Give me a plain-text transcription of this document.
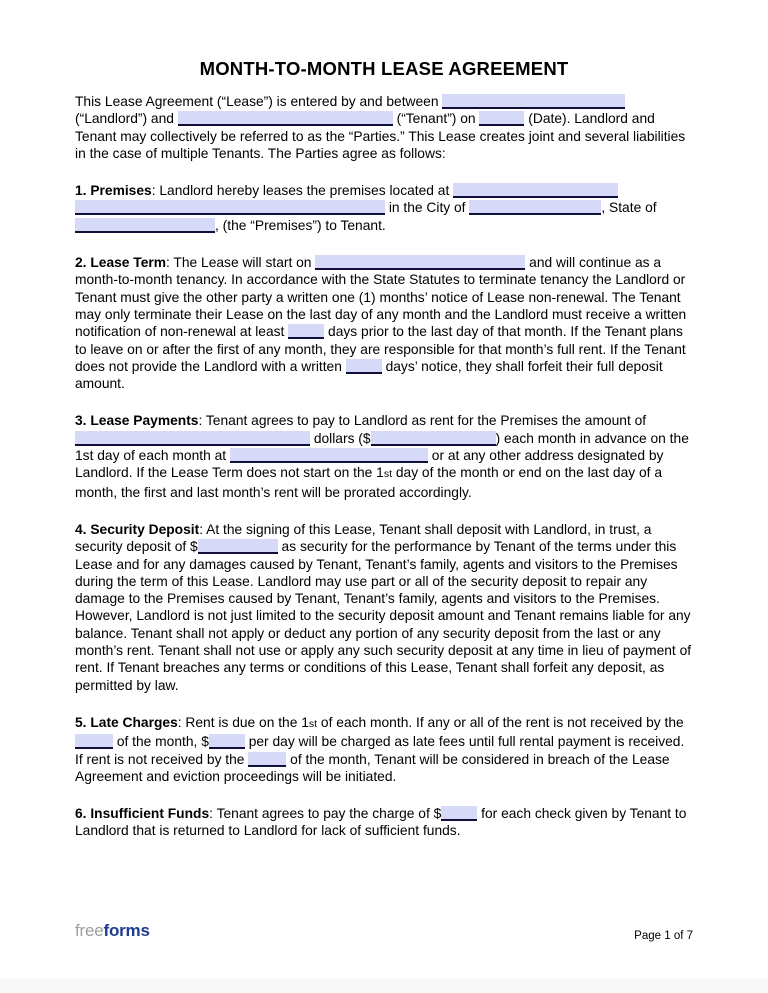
MONTH-TO-MONTH LEASE AGREEMENT

This Lease Agreement (“Lease”) is entered by and between  (“Landlord”) and	(“Tenant”) on	(Date). Landlord and Tenant may collectively be referred to as the “Parties.” This Lease creates joint and several liabilities in the case of multiple Tenants. The Parties agree as follows:

1. Premises: Landlord hereby leases the premises located at   in the City of	, State of , (the “Premises”) to Tenant.

2. Lease Term: The Lease will start on	and will continue as a month-to-month tenancy. In accordance with the State Statutes to terminate tenancy the Landlord or Tenant must give the other party a written one (1) months’ notice of Lease non-renewal. The Tenant may only terminate their Lease on the last day of any month and the Landlord must receive a written notification of non-renewal at least	days prior to the last day of that month. If the Tenant plans to leave on or after the first of any month, they are responsible for that month’s full rent. If the Tenant does not provide the Landlord with a written	days’ notice, they shall forfeit their full deposit amount.

3. Lease Payments: Tenant agrees to pay to Landlord as rent for the Premises the amount of  dollars ($	) each month in advance on the 1st day of each month at	or at any other address designated by Landlord. If the Lease Term does not start on the 1st day of the month or end on the last day of a month, the first and last month’s rent will be prorated accordingly.

4. Security Deposit: At the signing of this Lease, Tenant shall deposit with Landlord, in trust, a security deposit of $	as security for the performance by Tenant of the terms under this Lease and for any damages caused by Tenant, Tenant’s family, agents and visitors to the Premises during the term of this Lease. Landlord may use part or all of the security deposit to repair any damage to the Premises caused by Tenant, Tenant’s family, agents and visitors to the Premises. However, Landlord is not just limited to the security deposit amount and Tenant remains liable for any balance. Tenant shall not apply or deduct any portion of any security deposit from the last or any month’s rent. Tenant shall not use or apply any such security deposit at any time in lieu of payment of rent. If Tenant breaches any terms or conditions of this Lease, Tenant shall forfeit any deposit, as permitted by law.

5. Late Charges: Rent is due on the 1st of each month. If any or all of the rent is not received by the  of the month, $	per day will be charged as late fees until full rental payment is received. If rent is not received by the	of the month, Tenant will be considered in breach of the Lease Agreement and eviction proceedings will be initiated.

6. Insufficient Funds: Tenant agrees to pay the charge of $	for each check given by Tenant to Landlord that is returned to Landlord for lack of sufficient funds.

freeforms	Page 1 of 7
